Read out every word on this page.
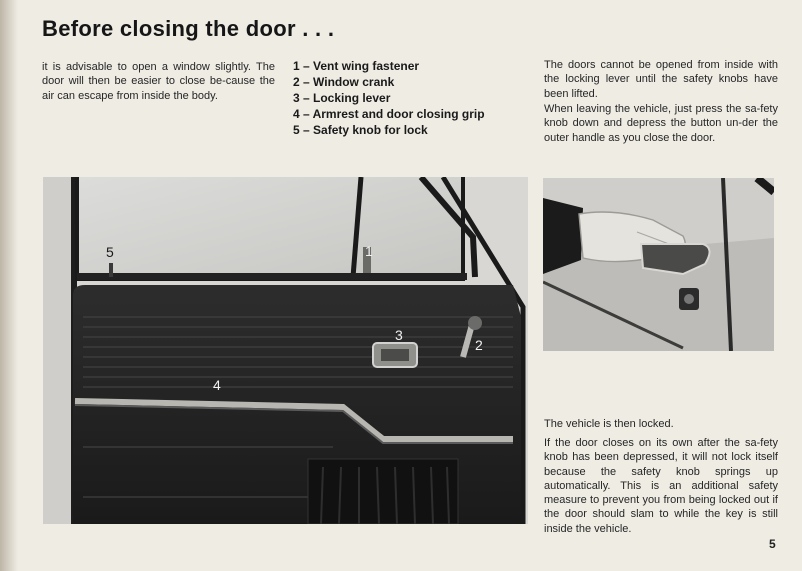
Before closing the door . . .

it is advisable to open a window slightly. The door will then be easier to close be-cause the air can escape from inside the body.

1 – Vent wing fastener
2 – Window crank
3 – Locking lever
4 – Armrest and door closing grip
5 – Safety knob for lock

The doors cannot be opened from inside with the locking lever until the safety knobs have been lifted.

When leaving the vehicle, just press the sa-fety knob down and depress the button un-der the outer handle as you close the door.

1
2
3
4
5

The vehicle is then locked.

If the door closes on its own after the sa-fety knob has been depressed, it will not lock itself because the safety knob springs up automatically. This is an additional safety measure to prevent you from being locked out if the door should slam to while the key is still inside the vehicle.

5
